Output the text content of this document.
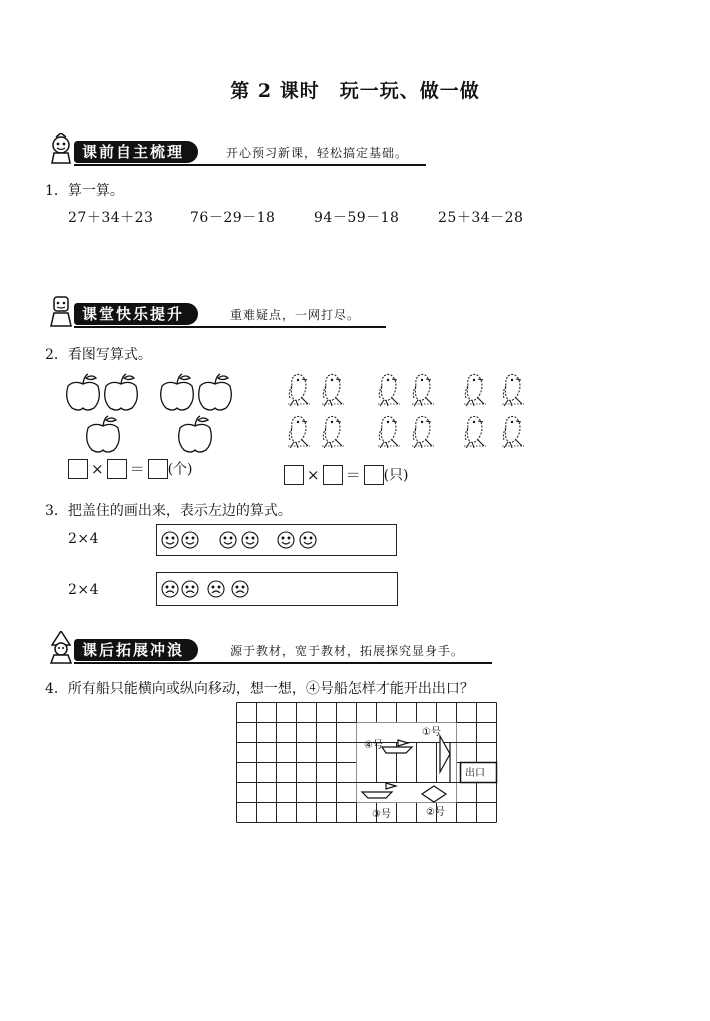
第 2 课时　玩一玩、做一做
课前自主梳理	开心预习新课，轻松搞定基础。
1．算一算。
27＋34＋23	76－29－18	94－59－18	25＋34－28
课堂快乐提升	重难疑点，一网打尽。
2．看图写算式。
× ＝ (个)	× ＝ (只)
3．把盖住的画出来，表示左边的算式。
2×4
2×4
课后拓展冲浪	源于教材，宽于教材，拓展探究显身手。
4．所有船只能横向或纵向移动，想一想，④号船怎样才能开出出口？
④号
①号
出口
③号	②号
